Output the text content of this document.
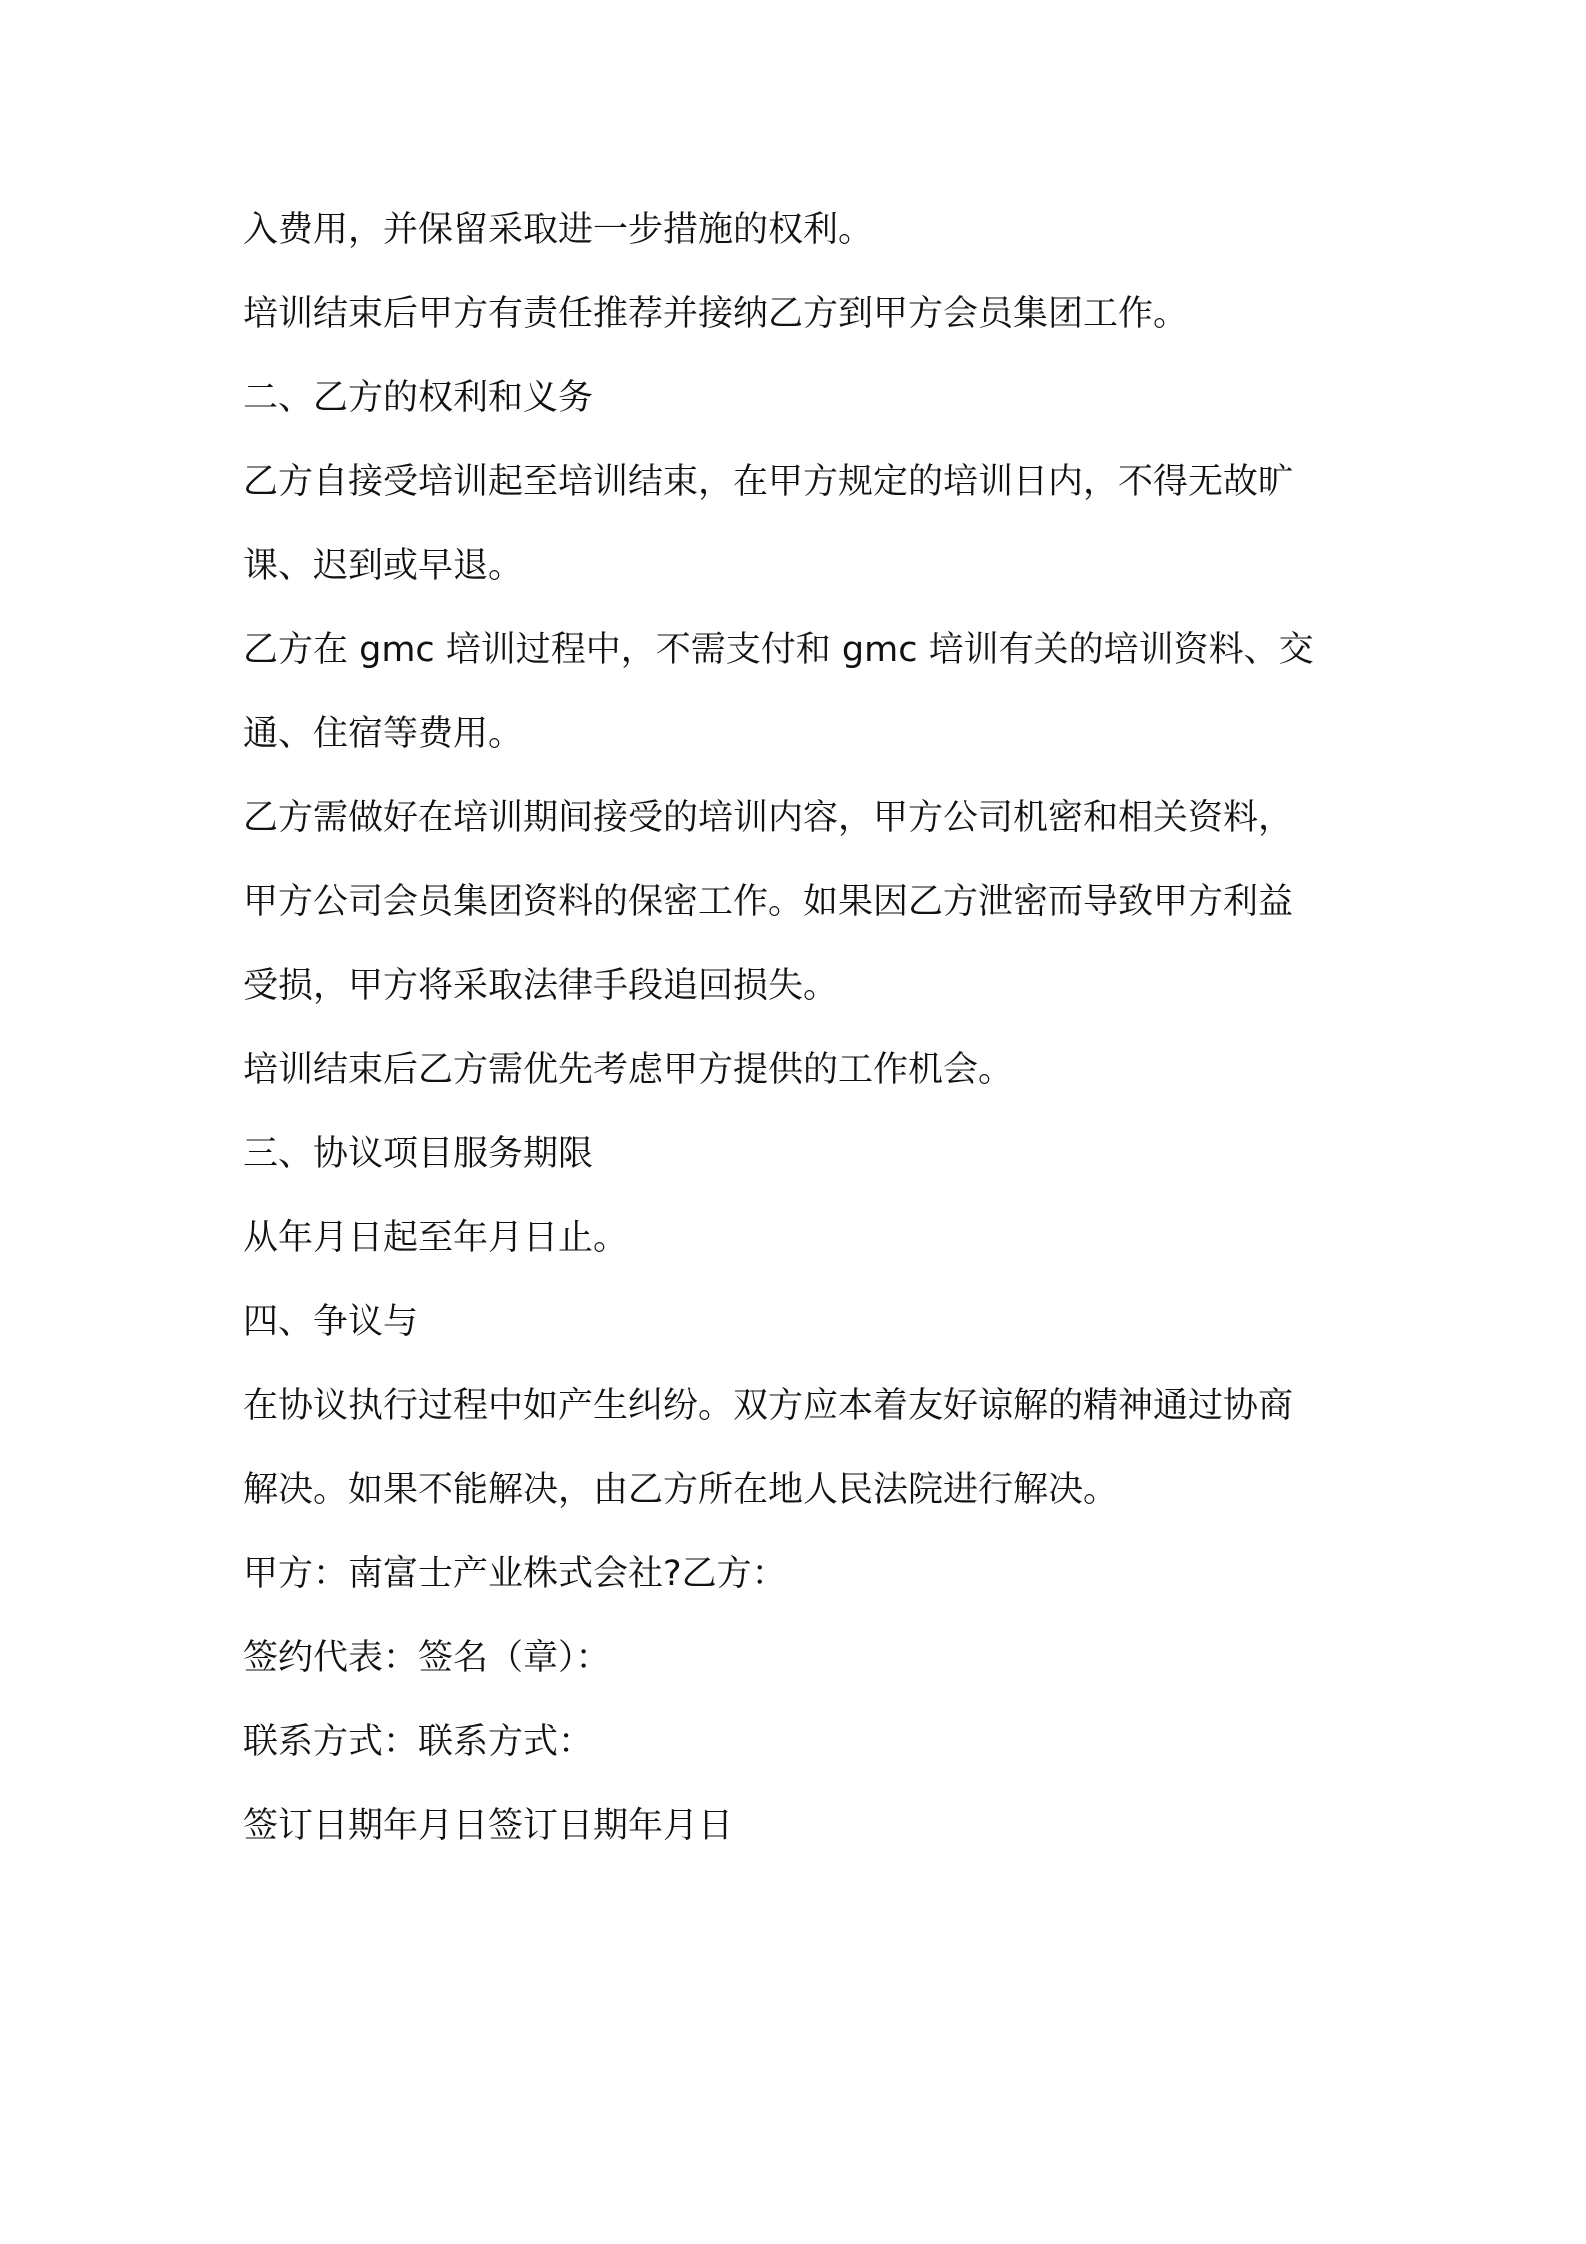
入费用，并保留采取进一步措施的权利。

培训结束后甲方有责任推荐并接纳乙方到甲方会员集团工作。

二、乙方的权利和义务

乙方自接受培训起至培训结束，在甲方规定的培训日内，不得无故旷

课、迟到或早退。

乙方在 gmc 培训过程中，不需支付和 gmc 培训有关的培训资料、交

通、住宿等费用。

乙方需做好在培训期间接受的培训内容，甲方公司机密和相关资料，

甲方公司会员集团资料的保密工作。如果因乙方泄密而导致甲方利益

受损，甲方将采取法律手段追回损失。

培训结束后乙方需优先考虑甲方提供的工作机会。

三、协议项目服务期限

从年月日起至年月日止。

四、争议与

在协议执行过程中如产生纠纷。双方应本着友好谅解的精神通过协商

解决。如果不能解决，由乙方所在地人民法院进行解决。

甲方：南富士产业株式会社?乙方：

签约代表：签名（章）：

联系方式：联系方式：

签订日期年月日签订日期年月日
